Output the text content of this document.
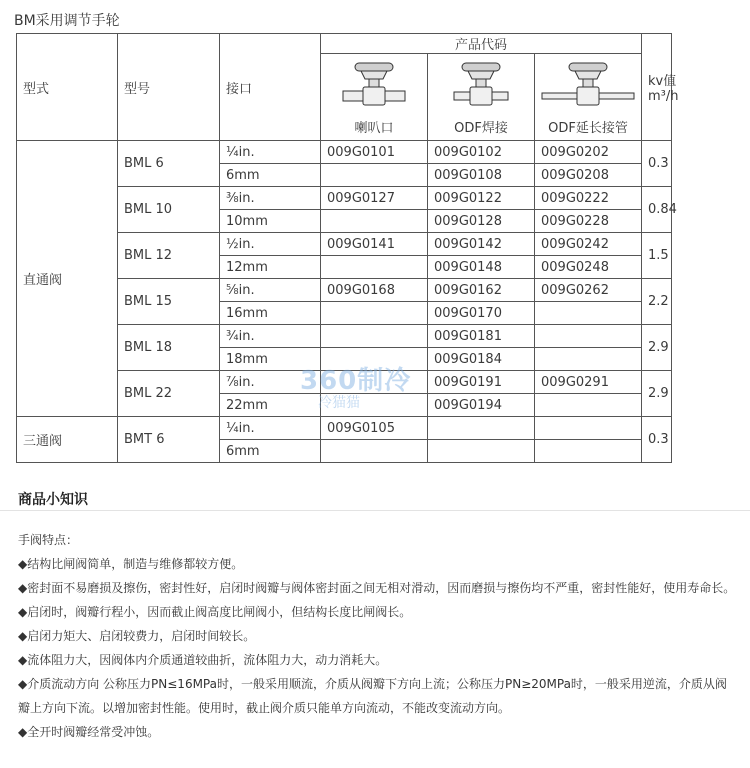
BM采用调节手轮
型式	型号	接口	产品代码			kv值
m³/h

			喇叭口	ODF焊接	ODF延长接管	

直通阀	BML 6	¼in.	009G0101	009G0102	009G0202	0.3
		6mm		009G0108	009G0208	
	BML 10	⅜in.	009G0127	009G0122	009G0222	0.84
		10mm		009G0128	009G0228	
	BML 12	½in.	009G0141	009G0142	009G0242	1.5
		12mm		009G0148	009G0248	
	BML 15	⅝in.	009G0168	009G0162	009G0262	2.2
		16mm		009G0170		
	BML 18	¾in.		009G0181		2.9
		18mm		009G0184		
	BML 22	⅞in.		009G0191	009G0291	2.9
		22mm		009G0194		
三通阀	BMT 6	¼in.	009G0105			0.3
		6mm				
360制冷
冷猫猫
商品小知识

手阀特点：

◆结构比闸阀简单，制造与维修都较方便。

◆密封面不易磨损及擦伤，密封性好，启闭时阀瓣与阀体密封面之间无相对滑动，因而磨损与擦伤均不严重，密封性能好，使用寿命长。

◆启闭时，阀瓣行程小，因而截止阀高度比闸阀小，但结构长度比闸阀长。

◆启闭力矩大、启闭较费力，启闭时间较长。

◆流体阻力大，因阀体内介质通道较曲折，流体阻力大，动力消耗大。

◆介质流动方向 公称压力PN≤16MPa时，一般采用顺流，介质从阀瓣下方向上流；公称压力PN≥20MPa时，一般采用逆流，介质从阀瓣上方向下流。以增加密封性能。使用时，截止阀介质只能单方向流动，不能改变流动方向。

◆全开时阀瓣经常受冲蚀。
